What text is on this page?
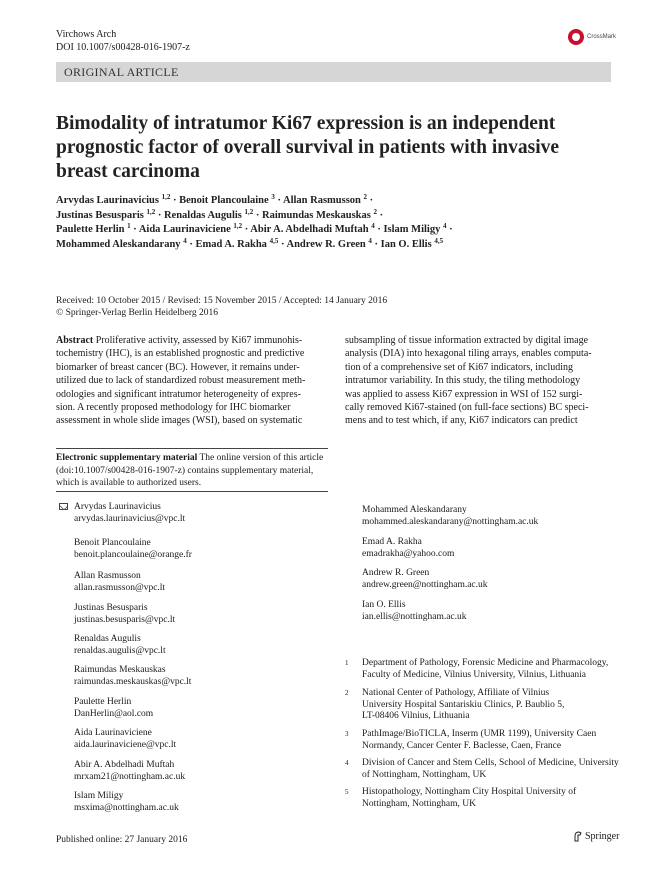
Virchows Arch
DOI 10.1007/s00428-016-1907-z
CrossMark
ORIGINAL ARTICLE
Bimodality of intratumor Ki67 expression is an independent
prognostic factor of overall survival in patients with invasive
breast carcinoma
Arvydas Laurinavicius $^{1,2}$ · Benoit Plancoulaine $^3$ · Allan Rasmusson $^2$ ·
Justinas Besusparis $^{1,2}$ · Renaldas Augulis $^{1,2}$ · Raimundas Meskauskas $^2$ ·
Paulette Herlin $^1$ · Aida Laurinaviciene $^{1,2}$ · Abir A. Abdelhadi Muftah $^4$ · Islam Miligy $^4$ ·
Mohammed Aleskandarany $^4$ · Emad A. Rakha $^{4,5}$ · Andrew R. Green $^4$ · Ian O. Ellis $^{4,5}$
Received: 10 October 2015 / Revised: 15 November 2015 / Accepted: 14 January 2016
© Springer-Verlag Berlin Heidelberg 2016
Abstract Proliferative activity, assessed by Ki67 immunohis-
tochemistry (IHC), is an established prognostic and predictive
biomarker of breast cancer (BC). However, it remains under-
utilized due to lack of standardized robust measurement meth-
odologies and significant intratumor heterogeneity of expres-
sion. A recently proposed methodology for IHC biomarker
assessment in whole slide images (WSI), based on systematic
subsampling of tissue information extracted by digital image
analysis (DIA) into hexagonal tiling arrays, enables computa-
tion of a comprehensive set of Ki67 indicators, including
intratumor variability. In this study, the tiling methodology
was applied to assess Ki67 expression in WSI of 152 surgi-
cally removed Ki67-stained (on full-face sections) BC speci-
mens and to test which, if any, Ki67 indicators can predict
Electronic supplementary material The online version of this article
(doi:10.1007/s00428-016-1907-z) contains supplementary material,
which is available to authorized users.
Arvydas Laurinavicius
arvydas.laurinavicius@vpc.lt
Benoit Plancoulaine
benoit.plancoulaine@orange.fr
Allan Rasmusson
allan.rasmusson@vpc.lt
Justinas Besusparis
justinas.besusparis@vpc.lt
Renaldas Augulis
renaldas.augulis@vpc.lt
Raimundas Meskauskas
raimundas.meskauskas@vpc.lt
Paulette Herlin
DanHerlin@aol.com
Aida Laurinaviciene
aida.laurinaviciene@vpc.lt
Abir A. Abdelhadi Muftah
mrxam21@nottingham.ac.uk
Islam Miligy
msxima@nottingham.ac.uk
Mohammed Aleskandarany
mohammed.aleskandarany@nottingham.ac.uk
Emad A. Rakha
emadrakha@yahoo.com
Andrew R. Green
andrew.green@nottingham.ac.uk
Ian O. Ellis
ian.ellis@nottingham.ac.uk
1 Department of Pathology, Forensic Medicine and Pharmacology,
Faculty of Medicine, Vilnius University, Vilnius, Lithuania
2 National Center of Pathology, Affiliate of Vilnius
University Hospital Santariskiu Clinics, P. Baublio 5,
LT-08406 Vilnius, Lithuania
3 PathImage/BioTICLA, Inserm (UMR 1199), University Caen
Normandy, Cancer Center F. Baclesse, Caen, France
4 Division of Cancer and Stem Cells, School of Medicine, University
of Nottingham, Nottingham, UK
5 Histopathology, Nottingham City Hospital University of
Nottingham, Nottingham, UK
Published online: 27 January 2016	Springer
